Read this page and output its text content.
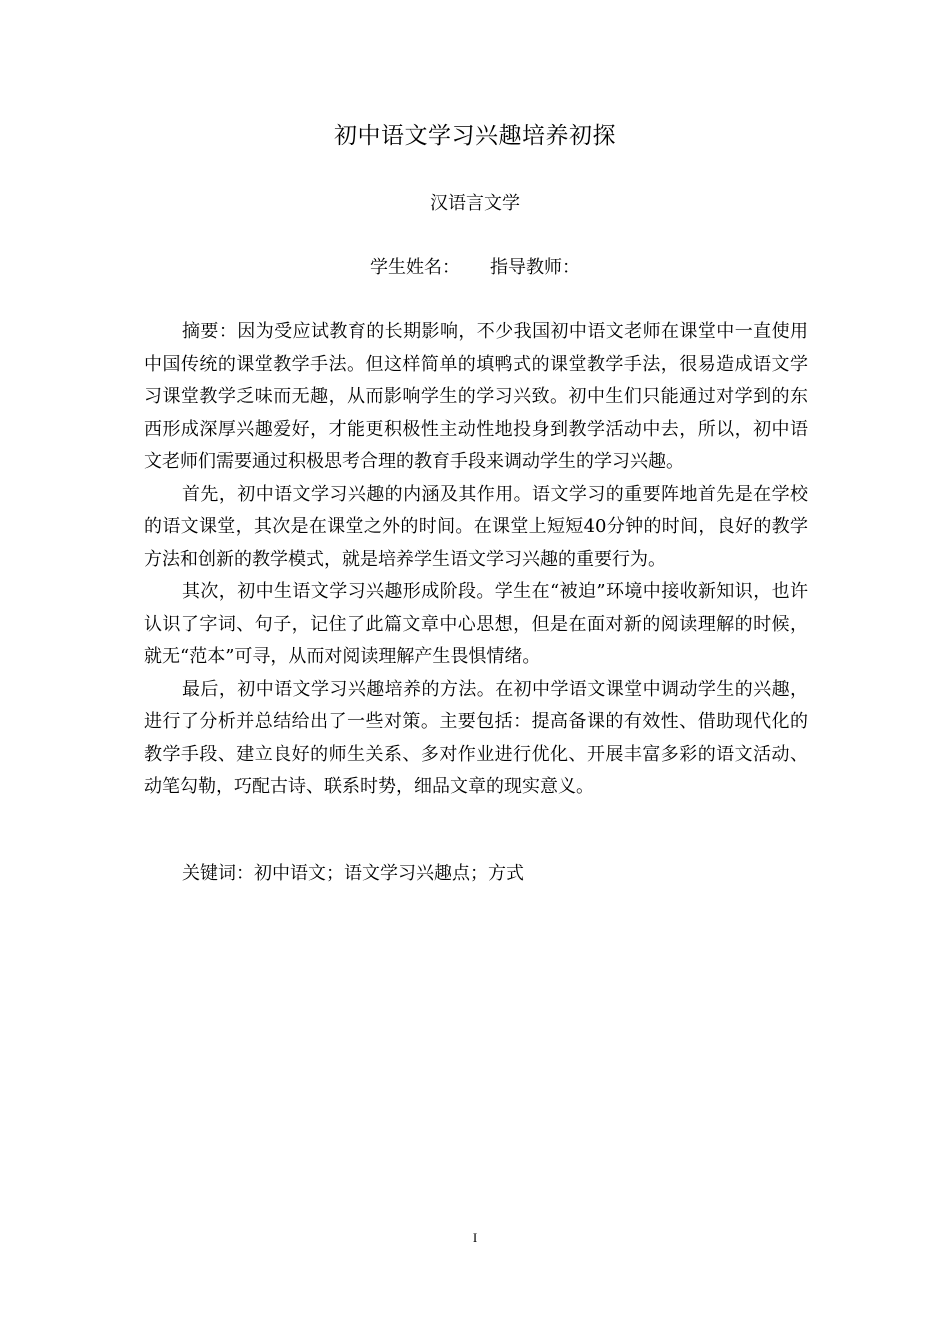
初中语文学习兴趣培养初探
汉语言文学
学生姓名： 指导教师：

摘要：因为受应试教育的长期影响，不少我国初中语文老师在课堂中一直使用中国传统的课堂教学手法。但这样简单的填鸭式的课堂教学手法，很易造成语文学习课堂教学乏味而无趣，从而影响学生的学习兴致。初中生们只能通过对学到的东西形成深厚兴趣爱好，才能更积极性主动性地投身到教学活动中去，所以，初中语文老师们需要通过积极思考合理的教育手段来调动学生的学习兴趣。

首先，初中语文学习兴趣的内涵及其作用。语文学习的重要阵地首先是在学校的语文课堂，其次是在课堂之外的时间。在课堂上短短40分钟的时间，良好的教学方法和创新的教学模式，就是培养学生语文学习兴趣的重要行为。

其次，初中生语文学习兴趣形成阶段。学生在“被迫”环境中接收新知识，也许认识了字词、句子，记住了此篇文章中心思想，但是在面对新的阅读理解的时候，就无“范本”可寻，从而对阅读理解产生畏惧情绪。

最后，初中语文学习兴趣培养的方法。在初中学语文课堂中调动学生的兴趣，进行了分析并总结给出了一些对策。主要包括：提高备课的有效性、借助现代化的教学手段、建立良好的师生关系、多对作业进行优化、开展丰富多彩的语文活动、动笔勾勒，巧配古诗、联系时势，细品文章的现实意义。

关键词：初中语文；语文学习兴趣点；方式
I
